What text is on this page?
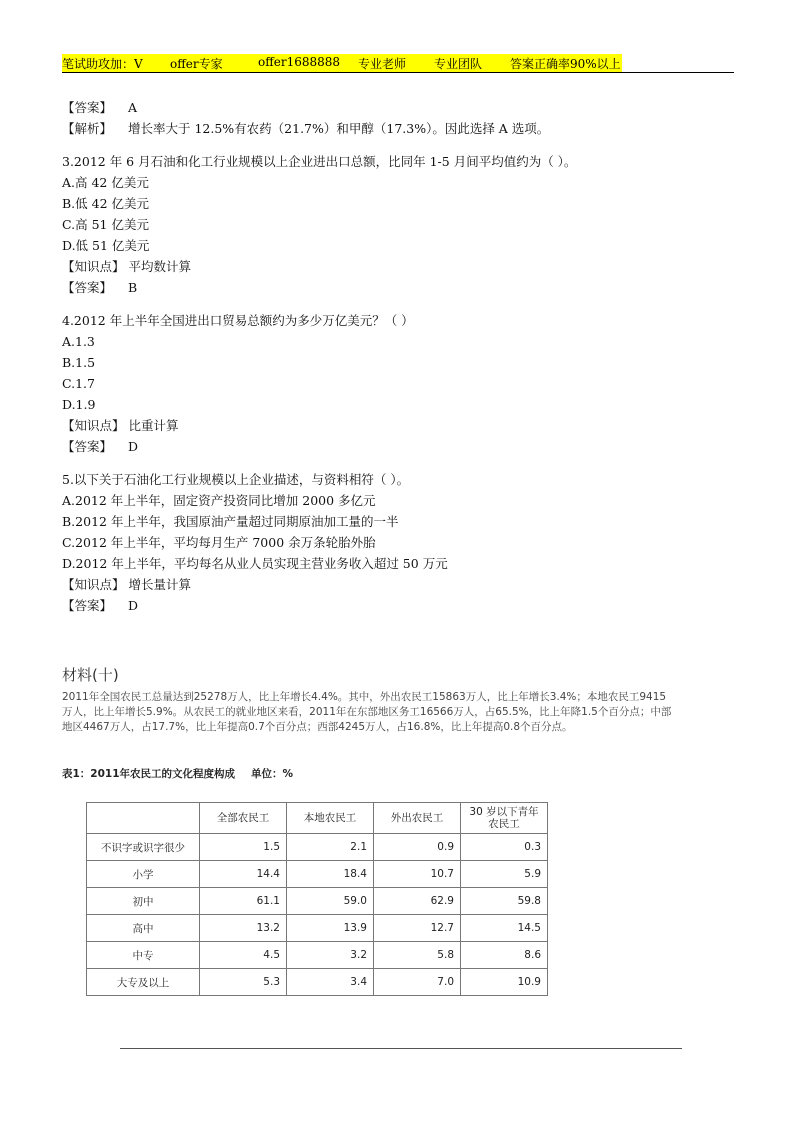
笔试助攻加：V offer专家	offer1688888 专业老师 专业团队 答案正确率90%以上
【答案】 A
【解析】 增长率大于 12.5%有农药（21.7%）和甲醇（17.3%）。因此选择 A 选项。
3.2012 年 6 月石油和化工行业规模以上企业进出口总额，比同年 1-5 月间平均值约为（ ）。
A.高 42 亿美元
B.低 42 亿美元
C.高 51 亿美元
D.低 51 亿美元
【知识点】 平均数计算
【答案】 B
4.2012 年上半年全国进出口贸易总额约为多少万亿美元？（ ）
A.1.3
B.1.5
C.1.7
D.1.9
【知识点】 比重计算
【答案】 D
5.以下关于石油化工行业规模以上企业描述，与资料相符（ ）。
A.2012 年上半年，固定资产投资同比增加 2000 多亿元
B.2012 年上半年，我国原油产量超过同期原油加工量的一半
C.2012 年上半年，平均每月生产 7000 余万条轮胎外胎
D.2012 年上半年，平均每名从业人员实现主营业务收入超过 50 万元
【知识点】 增长量计算
【答案】 D
材料(十)
2011年全国农民工总量达到25278万人，比上年增长4.4%。其中，外出农民工15863万人，比上年增长3.4%；本地农民工9415万人，比上年增长5.9%。从农民工的就业地区来看，2011年在东部地区务工16566万人，占65.5%，比上年降1.5个百分点；中部地区4467万人，占17.7%，比上年提高0.7个百分点；西部4245万人，占16.8%，比上年提高0.8个百分点。
表1：2011年农民工的文化程度构成 单位：%
	全部农民工	本地农民工	外出农民工	30 岁以下青年农民工
不识字或识字很少	1.5	2.1	0.9	0.3
小学	14.4	18.4	10.7	5.9
初中	61.1	59.0	62.9	59.8
高中	13.2	13.9	12.7	14.5
中专	4.5	3.2	5.8	8.6
大专及以上	5.3	3.4	7.0	10.9
